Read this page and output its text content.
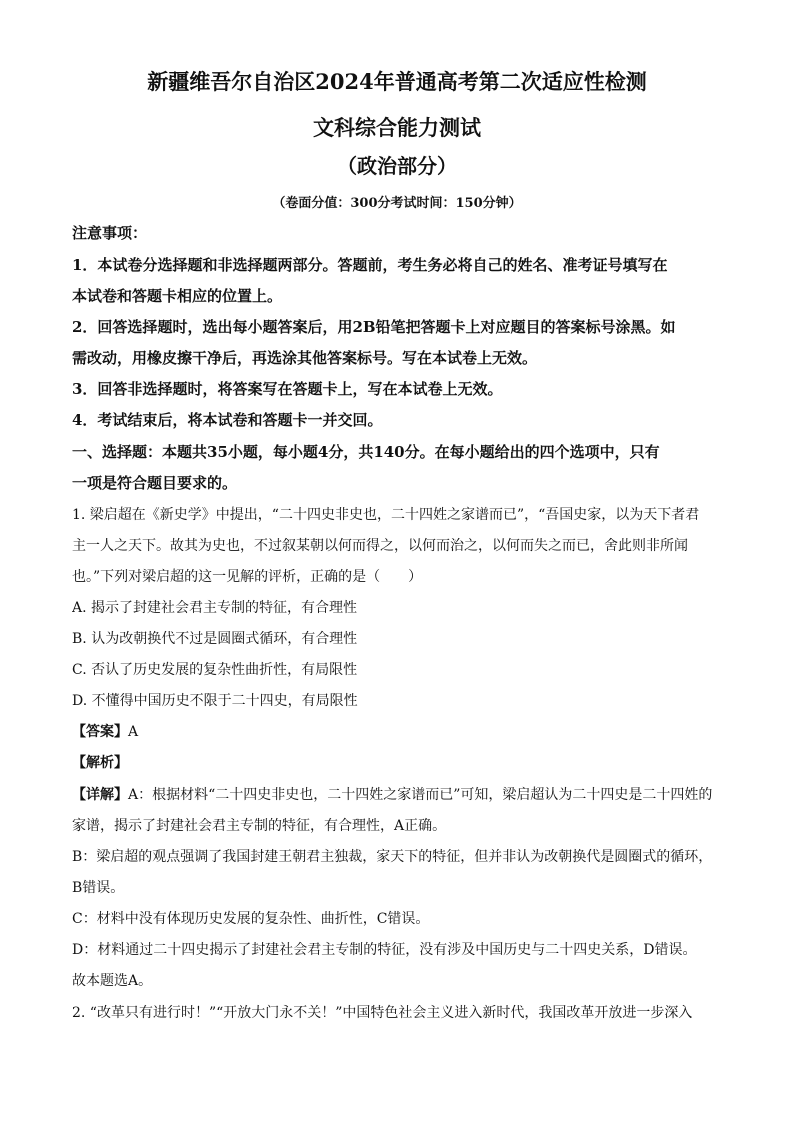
新疆维吾尔自治区2024年普通高考第二次适应性检测
文科综合能力测试
（政治部分）
（卷面分值：300分考试时间：150分钟）
注意事项：
1．本试卷分选择题和非选择题两部分。答题前，考生务必将自己的姓名、准考证号填写在
本试卷和答题卡相应的位置上。
2．回答选择题时，选出每小题答案后，用2B铅笔把答题卡上对应题目的答案标号涂黑。如
需改动，用橡皮擦干净后，再选涂其他答案标号。写在本试卷上无效。
3．回答非选择题时，将答案写在答题卡上，写在本试卷上无效。
4．考试结束后，将本试卷和答题卡一并交回。
一、选择题：本题共35小题，每小题4分，共140分。在每小题给出的四个选项中，只有
一项是符合题目要求的。
1. 梁启超在《新史学》中提出，“二十四史非史也，二十四姓之家谱而已”，“吾国史家，以为天下者君
主一人之天下。故其为史也，不过叙某朝以何而得之，以何而治之，以何而失之而已，舍此则非所闻
也。”下列对梁启超的这一见解的评析，正确的是（　　）
A. 揭示了封建社会君主专制的特征，有合理性
B. 认为改朝换代不过是圆圈式循环，有合理性
C. 否认了历史发展的复杂性曲折性，有局限性
D. 不懂得中国历史不限于二十四史，有局限性
【答案】A
【解析】
【详解】A：根据材料“二十四史非史也，二十四姓之家谱而已”可知，梁启超认为二十四史是二十四姓的
家谱，揭示了封建社会君主专制的特征，有合理性，A正确。
B：梁启超的观点强调了我国封建王朝君主独裁，家天下的特征，但并非认为改朝换代是圆圈式的循环，
B错误。
C：材料中没有体现历史发展的复杂性、曲折性，C错误。
D：材料通过二十四史揭示了封建社会君主专制的特征，没有涉及中国历史与二十四史关系，D错误。
故本题选A。
2. “改革只有进行时！”“开放大门永不关！”中国特色社会主义进入新时代，我国改革开放进一步深入
